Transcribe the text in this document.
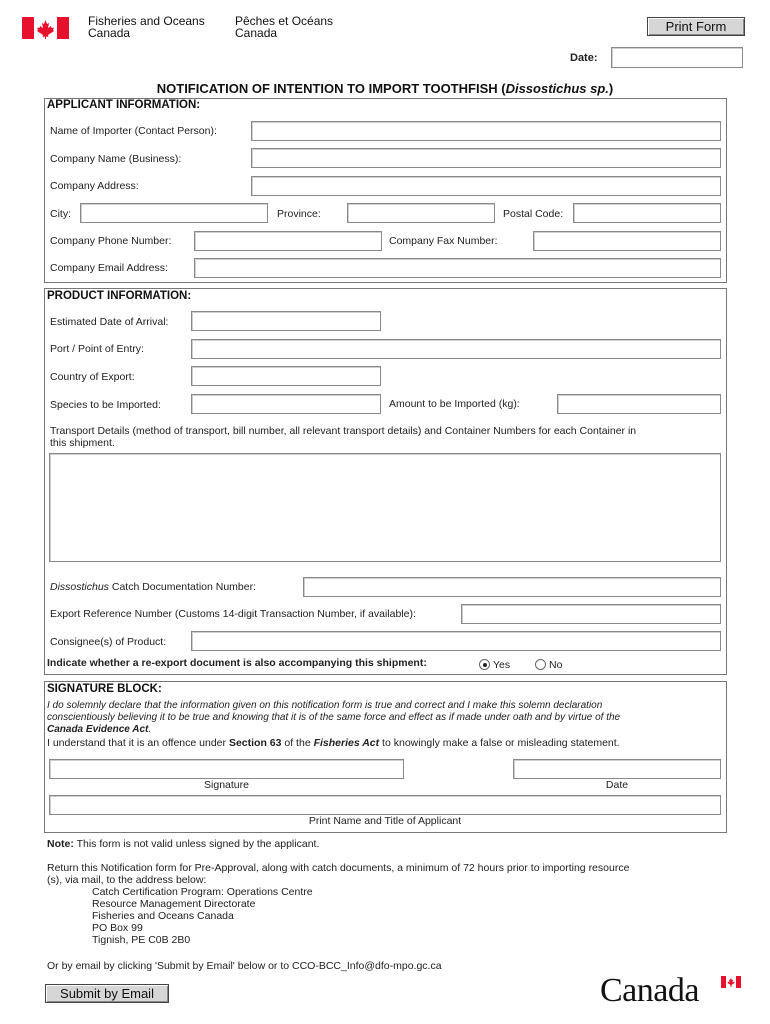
Fisheries and Oceans
Canada
Pêches et Océans
Canada	Print Form
Date:
NOTIFICATION OF INTENTION TO IMPORT TOOTHFISH (Dissostichus sp.)
APPLICANT INFORMATION:
Name of Importer (Contact Person):
Company Name (Business):
Company Address:
City:	Province:	Postal Code:
Company Phone Number:	Company Fax Number:
Company Email Address:
PRODUCT INFORMATION:
Estimated Date of Arrival:
Port / Point of Entry:
Country of Export:
Species to be Imported:	Amount to be Imported (kg):
Transport Details (method of transport, bill number, all relevant transport details) and Container Numbers for each Container in
this shipment.
Dissostichus Catch Documentation Number:
Export Reference Number (Customs 14-digit Transaction Number, if available):
Consignee(s) of Product:
Indicate whether a re-export document is also accompanying this shipment:	Yes	No
SIGNATURE BLOCK:
I do solemnly declare that the information given on this notification form is true and correct and I make this solemn declaration
conscientiously believing it to be true and knowing that it is of the same force and effect as if made under oath and by virtue of the
Canada Evidence Act.
I understand that it is an offence under Section 63 of the Fisheries Act to knowingly make a false or misleading statement.
Signature	Date
Print Name and Title of Applicant
Note: This form is not valid unless signed by the applicant.
Return this Notification form for Pre-Approval, along with catch documents, a minimum of 72 hours prior to importing resource
(s), via mail, to the address below:
Catch Certification Program: Operations Centre
Resource Management Directorate
Fisheries and Oceans Canada
PO Box 99
Tignish, PE C0B 2B0
Or by email by clicking 'Submit by Email' below or to CCO-BCC_Info@dfo-mpo.gc.ca
Submit by Email	Canada
